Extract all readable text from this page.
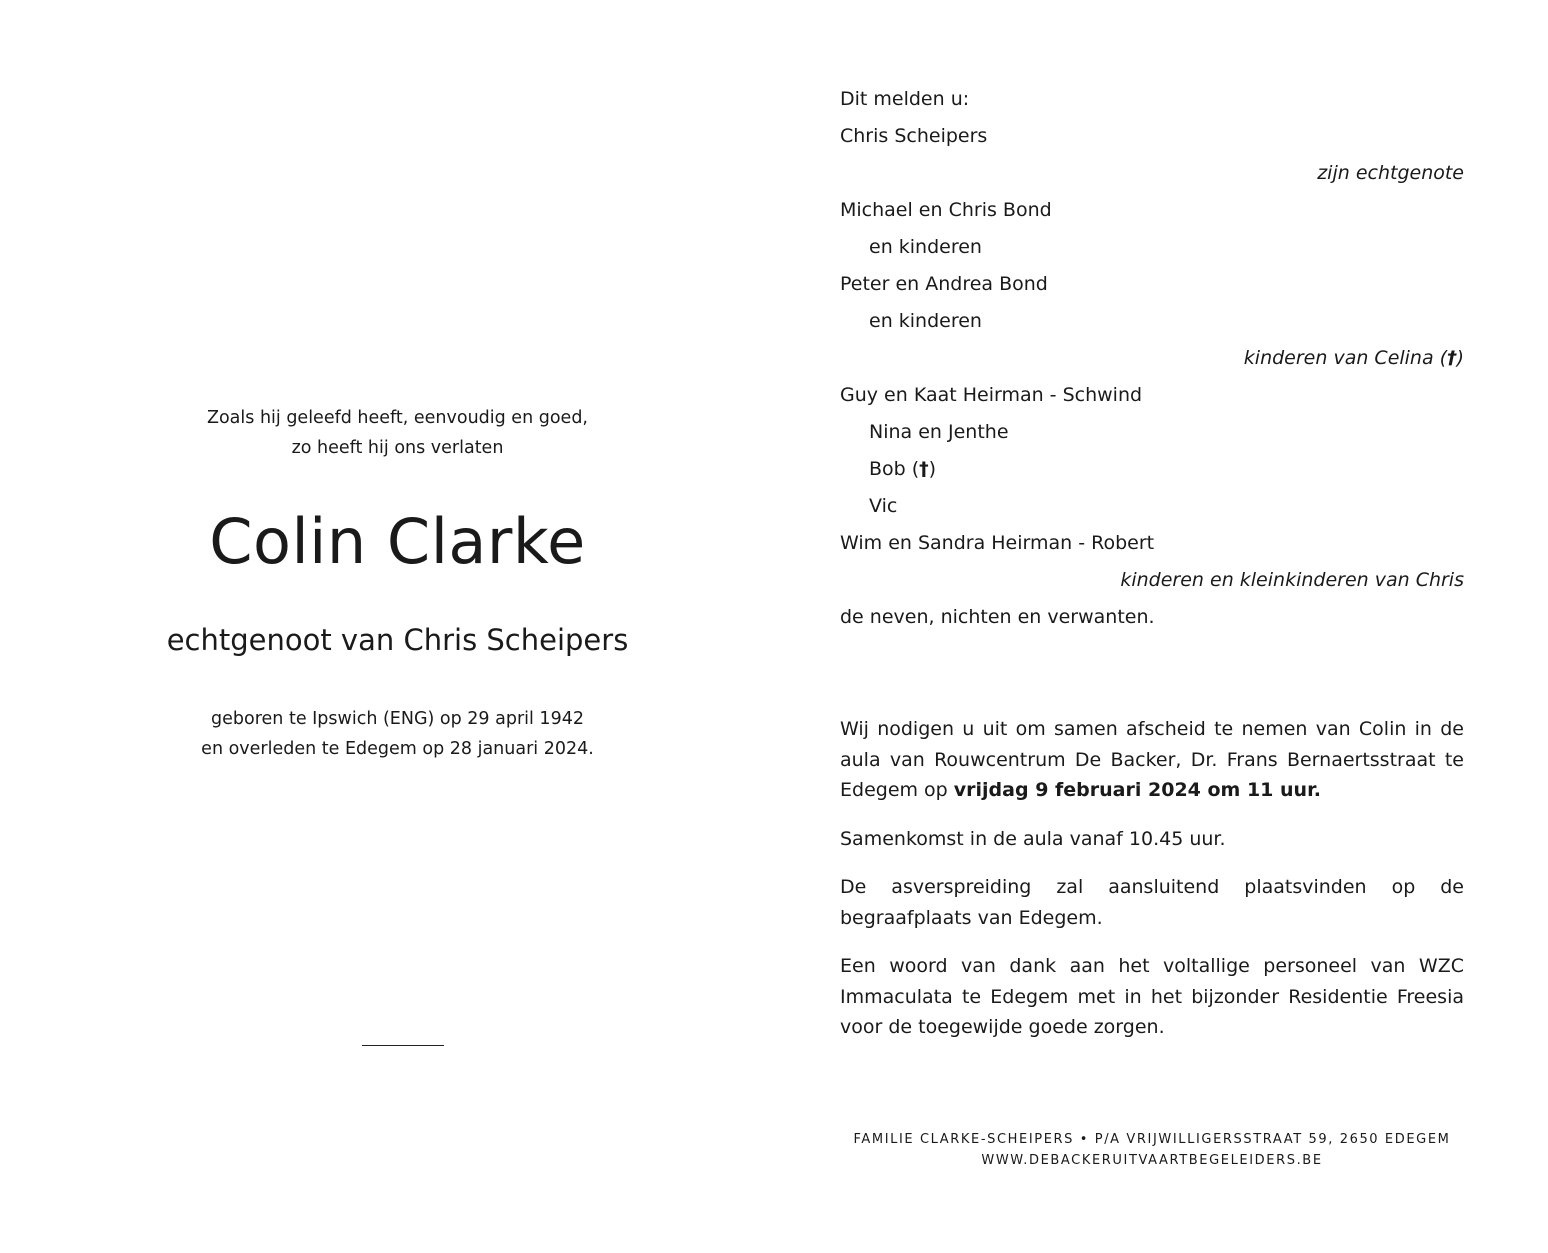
Zoals hij geleefd heeft, eenvoudig en goed,
zo heeft hij ons verlaten
Colin Clarke
echtgenoot van Chris Scheipers
geboren te Ipswich (ENG) op 29 april 1942
en overleden te Edegem op 28 januari 2024.
Dit melden u:
Chris Scheipers
zijn echtgenote
Michael en Chris Bond
en kinderen
Peter en Andrea Bond
en kinderen
kinderen van Celina (†)
Guy en Kaat Heirman - Schwind
Nina en Jenthe
Bob (†)
Vic
Wim en Sandra Heirman - Robert
kinderen en kleinkinderen van Chris
de neven, nichten en verwanten.

Wij nodigen u uit om samen afscheid te nemen van Colin in de aula van Rouwcentrum De Backer, Dr. Frans Bernaertsstraat te Edegem op vrijdag 9 februari 2024 om 11 uur.

Samenkomst in de aula vanaf 10.45 uur.

De asverspreiding zal aansluitend plaatsvinden op de begraafplaats van Edegem.

Een woord van dank aan het voltallige personeel van WZC Immaculata te Edegem met in het bijzonder Residentie Freesia voor de toegewijde goede zorgen.

FAMILIE CLARKE-SCHEIPERS • P/A VRIJWILLIGERSSTRAAT 59, 2650 EDEGEM
WWW.DEBACKERUITVAARTBEGELEIDERS.BE
